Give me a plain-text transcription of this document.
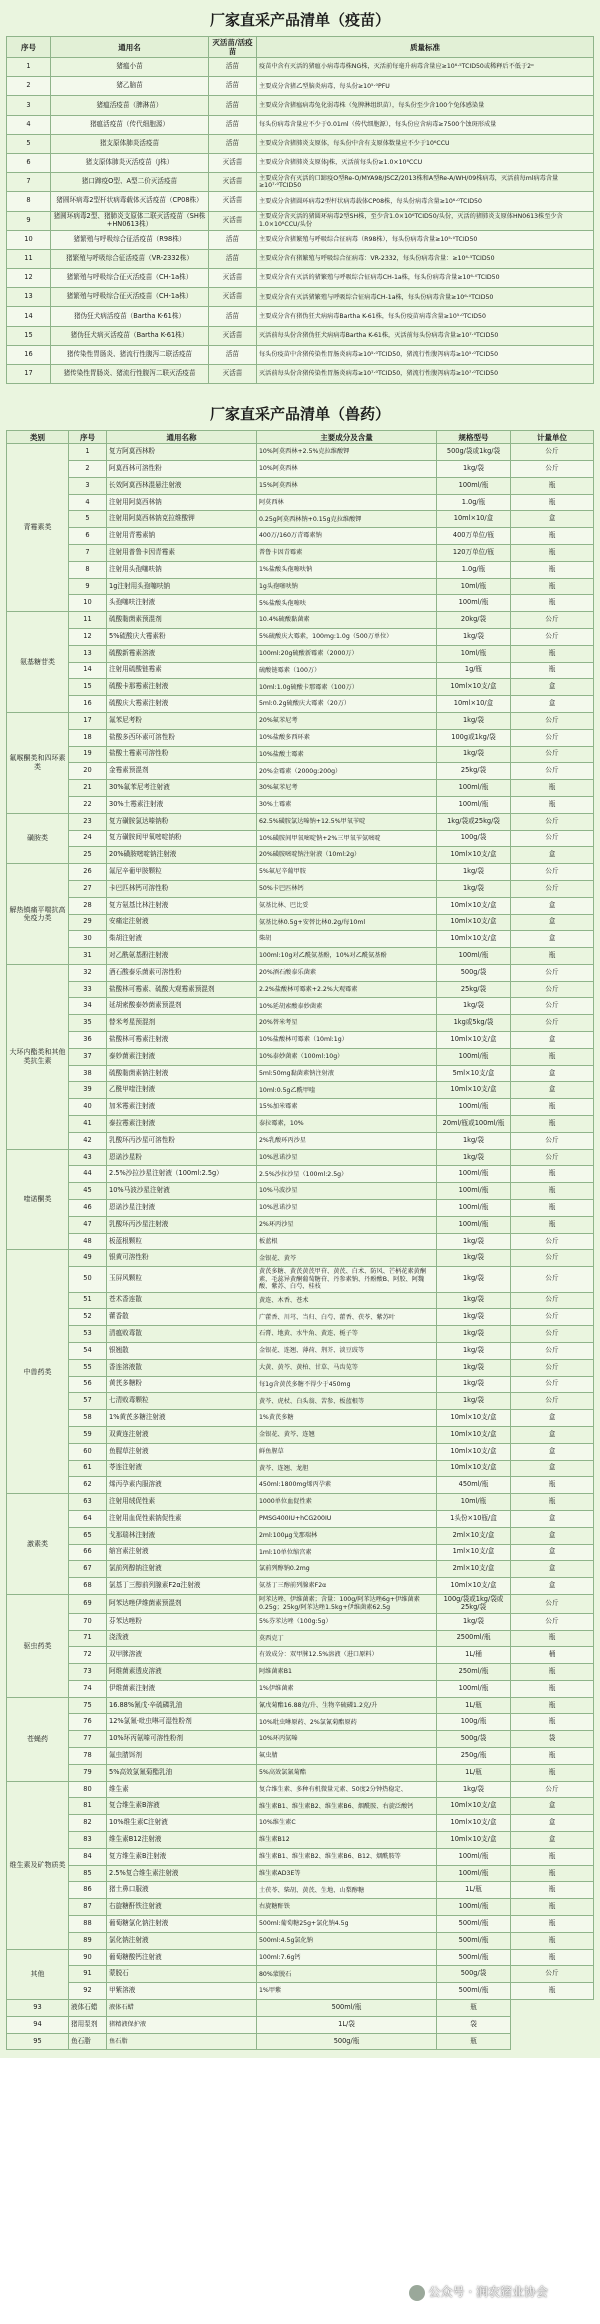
厂家直采产品清单（疫苗）
序号	通用名	灭活苗/活疫苗	质量标准
1	猪瘟小苗	活苗	疫苗中含有灭活的猪瘟小病毒毒株NG株，灭活前每毫升病毒含量应≥10⁶·⁵TCID50或稀释后不低于2ᵅ
2	猪乙脑苗	活苗	主要成分含猪乙型脑炎病毒，每头份≥10⁵·⁰PFU
3	猪瘟活疫苗（脾淋苗）	活苗	主要成分含猪瘟病毒兔化弱毒株（兔脾淋组织苗），每头份至少含100个兔体感染量
4	猪瘟活疫苗（传代细胞源）	活苗	每头份病毒含量应不少于0.01ml（传代细胞源），每头份应含病毒≥7500个蚀斑形成量
5	猪支原体肺炎活疫苗	活苗	主要成分含猪肺炎支原体，每头份中含有支原体数量应不少于10⁶CCU
6	猪支原体肺炎灭活疫苗（J株）	灭活苗	主要成分含猪肺炎支原体J株，灭活前每头份≥1.0×10⁸CCU
7	猪口蹄疫O型、A型二价灭活疫苗	灭活苗	主要成分含有灭活的口蹄疫O型Re-O/MYA98/JSCZ/2013株和A型Re-A/WH/09株病毒，灭活前每ml病毒含量≥10⁷·⁰TCID50
8	猪圆环病毒2型杆状病毒载体灭活疫苗（CP08株）	灭活苗	主要成分含猪圆环病毒2型杆状病毒载体CP08株，每头份病毒含量≥10⁶·⁰TCID50
9	猪圆环病毒2型、猪肺炎支原体二联灭活疫苗（SH株+HN0613株）	灭活苗	主要成分含灭活的猪圆环病毒2型SH株，至少含1.0×10⁶TCID50/头份，灭活的猪肺炎支原体HN0613株至少含1.0×10⁸CCU/头份
10	猪繁殖与呼吸综合征活疫苗（R98株）	活苗	主要成分含猪繁殖与呼吸综合征病毒（R98株），每头份病毒含量≥10⁵·⁰TCID50
11	猪繁殖与呼吸综合征活疫苗（VR-2332株）	活苗	主要成分含有猪繁殖与呼吸综合征病毒：VR-2332，每头份病毒含量：≥10⁴·⁵TCID50
12	猪繁殖与呼吸综合征灭活疫苗（CH-1a株）	灭活苗	主要成分含有灭活的猪繁殖与呼吸综合征病毒CH-1a株，每头份病毒含量≥10⁶·⁰TCID50
13	猪繁殖与呼吸综合征灭活疫苗（CH-1a株）	灭活苗	主要成分含有灭活猪繁殖与呼吸综合征病毒CH-1a株，每头份病毒含量≥10⁶·⁰TCID50
14	猪伪狂犬病活疫苗（Bartha K-61株）	活苗	主要成分含有猪伪狂犬病病毒Bartha K-61株，每头份疫苗病毒含量≥10⁵·⁰TCID50
15	猪伪狂犬病灭活疫苗（Bartha K-61株）	灭活苗	灭活前每头份含猪伪狂犬病病毒Bartha K-61株，灭活前每头份病毒含量≥10⁷·⁰TCID50
16	猪传染性胃肠炎、猪流行性腹泻二联活疫苗	活苗	每头份疫苗中含猪传染性胃肠炎病毒≥10⁵·⁰TCID50，猪流行性腹泻病毒≥10⁵·⁰TCID50
17	猪传染性胃肠炎、猪流行性腹泻二联灭活疫苗	灭活苗	灭活前每头份含猪传染性胃肠炎病毒≥10⁷·⁰TCID50，猪流行性腹泻病毒≥10⁷·⁰TCID50
厂家直采产品清单（兽药）
类别	序号	通用名称	主要成分及含量	规格型号	计量单位
青霉素类	1	复方阿莫西林粉	10%阿莫西林+2.5%克拉维酸钾	500g/袋或1kg/袋	公斤
	2	阿莫西林可溶性粉	10%阿莫西林	1kg/袋	公斤
	3	长效阿莫西林混悬注射液	15%阿莫西林	100ml/瓶	瓶
	4	注射用阿莫西林钠	阿莫西林	1.0g/瓶	瓶
	5	注射用阿莫西林钠克拉维酸钾	0.25g阿莫西林钠+0.15g克拉维酸钾	10ml×10/盒	盒
	6	注射用青霉素钠	400万/160万青霉素钠	400万单位/瓶	瓶
	7	注射用普鲁卡因青霉素	普鲁卡因青霉素	120万单位/瓶	瓶
	8	注射用头孢噻呋钠	1%盐酸头孢噻呋钠	1.0g/瓶	瓶
	9	1g注射用头孢噻呋钠	1g头孢噻呋钠	10ml/瓶	瓶
	10	头孢噻呋注射液	5%盐酸头孢噻呋	100ml/瓶	瓶
氨基糖苷类	11	硫酸黏菌素预混剂	10.4%硫酸黏菌素	20kg/袋	公斤
	12	5%硫酸庆大霉素粉	5%硫酸庆大霉素，100mg:1.0g（500万单位）	1kg/袋	公斤
	13	硫酸新霉素溶液	100ml:20g硫酸新霉素（2000万）	10ml/瓶	瓶
	14	注射用硫酸链霉素	硫酸链霉素（100万）	1g/瓶	瓶
	15	硫酸卡那霉素注射液	10ml:1.0g硫酸卡那霉素（100万）	10ml×10支/盒	盒
	16	硫酸庆大霉素注射液	5ml:0.2g硫酸庆大霉素（20万）	10ml×10/盒	盒
氟喉酮类和四环素类	17	氟苯尼考粉	20%氟苯尼考	1kg/袋	公斤
	18	盐酸多西环素可溶性粉	10%盐酸多西环素	100g或1kg/袋	公斤
	19	盐酸土霉素可溶性粉	10%盐酸土霉素	1kg/袋	公斤
	20	金霉素预混剂	20%金霉素（2000g:200g）	25kg/袋	公斤
	21	30%氟苯尼考注射液	30%氟苯尼考	100ml/瓶	瓶
	22	30%土霉素注射液	30%土霉素	100ml/瓶	瓶
磺胺类	23	复方磺胺氯达嗪钠粉	62.5%磺胺氯达嗪钠+12.5%甲氧苄啶	1kg/袋或25kg/袋	公斤
	24	复方磺胺间甲氧嘧啶钠粉	10%磺胺间甲氧嘧啶钠+2%三甲氧苄氨嘧啶	100g/袋	公斤
	25	20%磺胺嘧啶钠注射液	20%磺胺嘧啶钠注射液（10ml:2g）	10ml×10支/盒	盒
解热镇痛平喘抗高免疫力类	26	氟尼辛葡甲胺颗粒	5%氟尼辛葡甲胺	1kg/袋	公斤
	27	卡巴匹林钙可溶性粉	50%卡巴匹林钙	1kg/袋	公斤
	28	复方氨基比林注射液	氨基比林、巴比妥	10ml×10支/盒	盒
	29	安痛定注射液	氨基比林0.5g+安替比林0.2g/每10ml	10ml×10支/盒	盒
	30	柴胡注射液	柴胡	10ml×10支/盒	盒
	31	对乙酰氨基酚注射液	100ml:10g对乙酰氨基酚，10%对乙酰氨基酚	100ml/瓶	瓶
大环内酯类和其他类抗生素	32	酒石酸泰乐菌素可溶性粉	20%酒石酸泰乐菌素	500g/袋	公斤
	33	盐酸林可霉素、硫酸大观霉素预混剂	2.2%盐酸林可霉素+2.2%大观霉素	25kg/袋	公斤
	34	延胡索酸泰妙菌素预混剂	10%延胡索酸泰妙菌素	1kg/袋	公斤
	35	替米考星预混剂	20%替米考星	1kg或5kg/袋	公斤
	36	盐酸林可霉素注射液	10%盐酸林可霉素（10ml:1g）	10ml×10支/盒	盒
	37	泰妙菌素注射液	10%泰妙菌素（100ml:10g）	100ml/瓶	瓶
	38	硫酸黏菌素钠注射液	5ml:50mg黏菌素钠注射液	5ml×10支/盒	盒
	39	乙酰甲喹注射液	10ml:0.5g乙酰甲喹	10ml×10支/盒	盒
	40	加米霉素注射液	15%加米霉素	100ml/瓶	瓶
	41	泰拉霉素注射液	泰拉霉素，10%	20ml/瓶或100ml/瓶	瓶
	42	乳酸环丙沙星可溶性粉	2%乳酸环丙沙星	1kg/袋	公斤
喹诺酮类	43	恩诺沙星粉	10%恩诺沙星	1kg/袋	公斤
	44	2.5%沙拉沙星注射液（100ml:2.5g）	2.5%沙拉沙星（100ml:2.5g）	100ml/瓶	瓶
	45	10%马波沙星注射液	10%马波沙星	100ml/瓶	瓶
	46	恩诺沙星注射液	10%恩诺沙星	100ml/瓶	瓶
	47	乳酸环丙沙星注射液	2%环丙沙星	100ml/瓶	瓶
	48	板蓝根颗粒	板蓝根	1kg/袋	公斤
中兽药类	49	银黄可溶性粉	金银花、黄芩	1kg/袋	公斤
	50	玉屏风颗粒	黄芪多糖、黄芪黄芪甲苷、黄芪、白术、防风、芒柄花素黄酮素，毛蕊异黄酮葡萄糖苷、丹参素钠、丹酚酸B、阿胶、阿魏酸、紫苏、白芍、桂枝	1kg/袋	公斤
	51	苍术香连散	黄连、木香、苍术	1kg/袋	公斤
	52	藿香散	广藿香、川芎、当归、白芍、藿香、茯苓、紫苏叶	1kg/袋	公斤
	53	清瘟败毒散	石膏、地黄、水牛角、黄连、栀子等	1kg/袋	公斤
	54	银翘散	金银花、连翘、薄荷、荆芥、淡豆豉等	1kg/袋	公斤
	55	香连溶液散	大黄、黄芩、黄柏、甘草、马齿苋等	1kg/袋	公斤
	56	黄芪多糖粉	每1g含黄芪多糖不得少于450mg	1kg/袋	公斤
	57	七清败毒颗粒	黄芩、虎杖、白头翁、苦参、板蓝根等	1kg/袋	公斤
	58	1%黄芪多糖注射液	1%黄芪多糖	10ml×10支/盒	盒
	59	双黄连注射液	金银花、黄芩、连翘	10ml×10支/盒	盒
	60	鱼腥草注射液	鲜鱼腥草	10ml×10支/盒	盒
	61	苓连注射液	黄芩、连翘、龙胆	10ml×10支/盒	盒
	62	烯丙孕素内服溶液	450ml:1800mg烯丙孕素	450ml/瓶	瓶
激素类	63	注射用绒促性素	1000单位血促性素	10ml/瓶	瓶
	64	注射用血促性素钠促性素	PMSG400IU+hCG200IU	1头份×10瓶/盒	盒
	65	戈那瑞林注射液	2ml:100μg戈那瑞林	2ml×10支/盒	盒
	66	缩宫素注射液	1ml:10单位缩宫素	1ml×10支/盒	盒
	67	氯前列醇钠注射液	氯前列醇钠0.2mg	2ml×10支/盒	盒
	68	氯基丁三醇前列腺素F2α注射液	氨基丁三醇前列腺素F2α	10ml×10支/盒	盒
驱虫药类	69	阿苯达唑伊维菌素预混剂	阿苯达唑、伊维菌素；含量：100g/阿苯达唑6g+伊维菌素0.25g；25kg/阿苯达唑1.5kg+伊维菌素62.5g	100g/袋或1kg/袋或25kg/袋	公斤
	70	芬苯达唑粉	5%芬苯达唑（100g:5g）	1kg/袋	公斤
	71	浇泼液	莫西克丁	2500ml/瓶	瓶
	72	双甲脒溶液	有效成分：双甲脒12.5%溶液（进口原料）	1L/桶	桶
	73	阿维菌素透皮溶液	阿维菌素B1	250ml/瓶	瓶
	74	伊维菌素注射液	1%伊维菌素	100ml/瓶	瓶
苍蝇药	75	16.88%氰戊·辛硫磷乳油	氰戊菊酯16.88克/升、生物辛硫磷1.2克/升	1L/瓶	瓶
	76	12%氯氰·吡虫啉可湿性粉剂	10%吡虫啉原药、2%氯氰菊酯原药	100g/瓶	瓶
	77	10%环丙氨嗪可溶性粉剂	10%环丙氨嗪	500g/袋	袋
	78	氟虫腈饵剂	氟虫腈	250g/瓶	瓶
	79	5%高效氯氰菊酯乳油	5%高效氯氰菊酯	1L/瓶	瓶
维生素及矿物质类	80	维生素	复合维生素、多种有机微量元素、50度2分钟热稳定、	1kg/袋	公斤
	81	复合维生素B溶液	维生素B1、维生素B2、维生素B6、烟酰胺、右旋泛酸钙	10ml×10支/盒	盒
	82	10%维生素C注射液	10%维生素C	10ml×10支/盒	盒
	83	维生素B12注射液	维生素B12	10ml×10支/盒	盒
	84	复方维生素B注射液	维生素B1、维生素B2、维生素B6、B12、烟酰胺等	100ml/瓶	瓶
	85	2.5%复合维生素注射液	维生素AD3E等	100ml/瓶	瓶
	86	猪土鼻口服液	土茯苓、柴胡、黄芪、生地、山梨醇糖	1L/瓶	瓶
	87	右旋糖酐铁注射液	右旋糖酐铁	100ml/瓶	瓶
	88	葡萄糖氯化钠注射液	500ml:葡萄糖25g+氯化钠4.5g	500ml/瓶	瓶
	89	氯化钠注射液	500ml:4.5g氯化钠	500ml/瓶	瓶
其他	90	葡萄糖酸钙注射液	100ml:7.6g钙	500ml/瓶	瓶
	91	蒙脱石	80%蒙脱石	500g/袋	公斤
	92	甲紫溶液	1%甲紫	500ml/瓶	瓶
93	液体石蜡	液体石蜡	500ml/瓶	瓶	
94	猪用泵剂	猪精液保护液	1L/袋	袋	
95	鱼石脂	鱼石脂	500g/瓶	瓶	
公众号 · 润农猪业协会
